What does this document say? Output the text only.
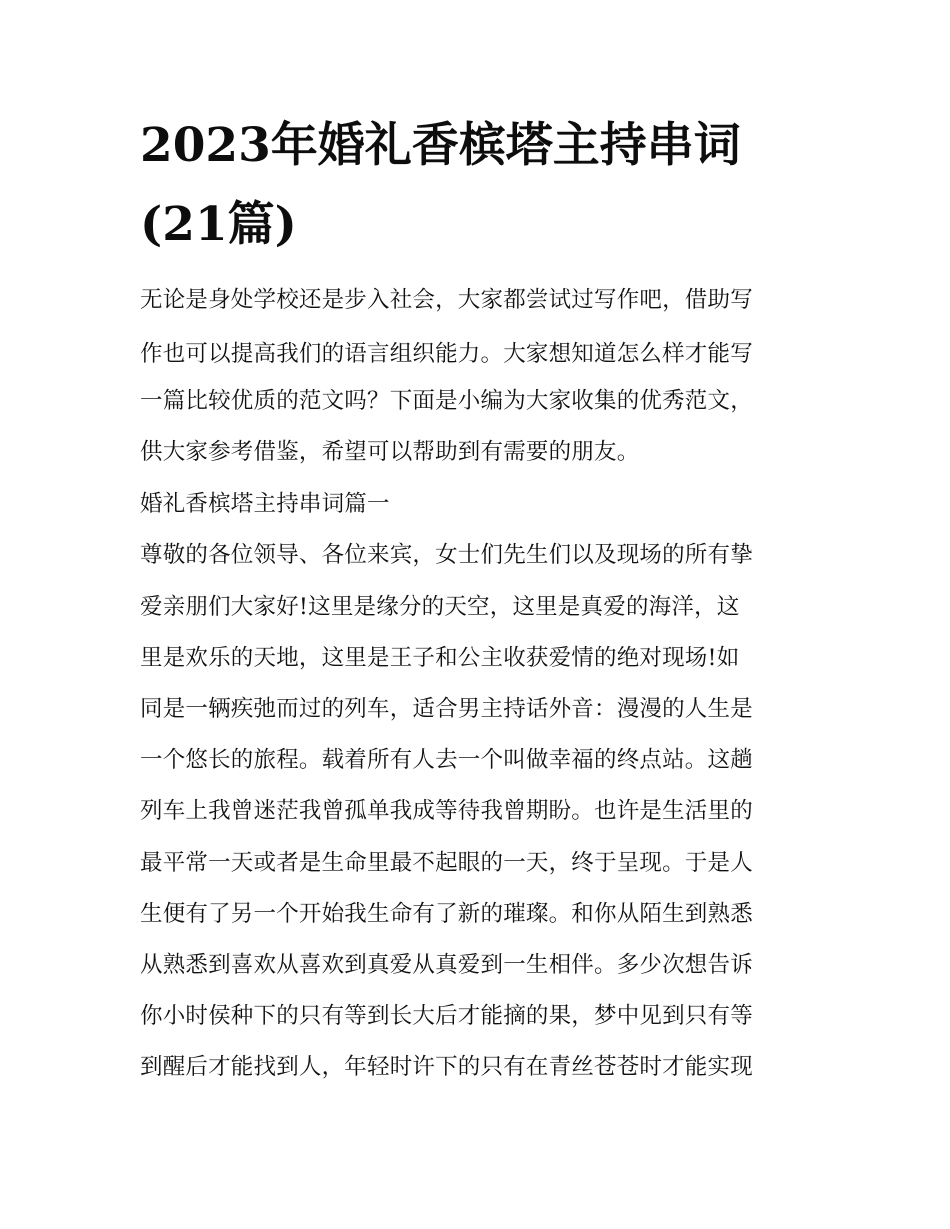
2023年婚礼香槟塔主持串词
(21篇)

无论是身处学校还是步入社会，大家都尝试过写作吧，借助写

作也可以提高我们的语言组织能力。大家想知道怎么样才能写

一篇比较优质的范文吗？下面是小编为大家收集的优秀范文，

供大家参考借鉴，希望可以帮助到有需要的朋友。

婚礼香槟塔主持串词篇一

尊敬的各位领导、各位来宾，女士们先生们以及现场的所有挚

爱亲朋们大家好!这里是缘分的天空，这里是真爱的海洋，这

里是欢乐的天地，这里是王子和公主收获爱情的绝对现场!如

同是一辆疾弛而过的列车，适合男主持话外音：漫漫的人生是

一个悠长的旅程。载着所有人去一个叫做幸福的终点站。这趟

列车上我曾迷茫我曾孤单我成等待我曾期盼。也许是生活里的

最平常一天或者是生命里最不起眼的一天，终于呈现。于是人

生便有了另一个开始我生命有了新的璀璨。和你从陌生到熟悉

从熟悉到喜欢从喜欢到真爱从真爱到一生相伴。多少次想告诉

你小时侯种下的只有等到长大后才能摘的果，梦中见到只有等

到醒后才能找到人，年轻时许下的只有在青丝苍苍时才能实现
